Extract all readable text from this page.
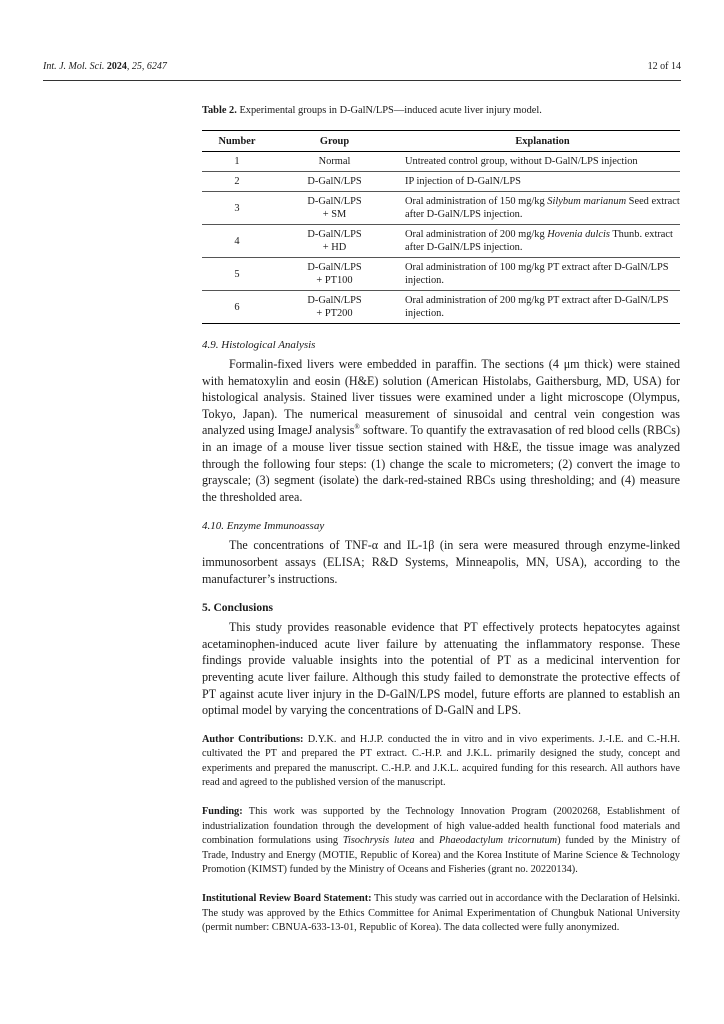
Int. J. Mol. Sci. 2024, 25, 6247	12 of 14

Table 2. Experimental groups in D-GalN/LPS—induced acute liver injury model.

Number	Group	Explanation
1	Normal	Untreated control group, without D-GalN/LPS injection
2	D-GalN/LPS	IP injection of D-GalN/LPS
3	D-GalN/LPS
+ SM	Oral administration of 150 mg/kg Silybum marianum Seed extract after D-GalN/LPS injection.
4	D-GalN/LPS
+ HD	Oral administration of 200 mg/kg Hovenia dulcis Thunb. extract after D-GalN/LPS injection.
5	D-GalN/LPS
+ PT100	Oral administration of 100 mg/kg PT extract after D-GalN/LPS injection.
6	D-GalN/LPS
+ PT200	Oral administration of 200 mg/kg PT extract after D-GalN/LPS injection.
4.9. Histological Analysis

Formalin-fixed livers were embedded in paraffin. The sections (4 μm thick) were stained with hematoxylin and eosin (H&E) solution (American Histolabs, Gaithersburg, MD, USA) for histological analysis. Stained liver tissues were examined under a light microscope (Olympus, Tokyo, Japan). The numerical measurement of sinusoidal and central vein congestion was analyzed using ImageJ analysis® software. To quantify the extravasation of red blood cells (RBCs) in an image of a mouse liver tissue section stained with H&E, the tissue image was analyzed through the following four steps: (1) change the scale to micrometers; (2) convert the image to grayscale; (3) segment (isolate) the dark-red-stained RBCs using thresholding; and (4) measure the thresholded area.

4.10. Enzyme Immunoassay

The concentrations of TNF-α and IL-1β (in sera were measured through enzyme-linked immunosorbent assays (ELISA; R&D Systems, Minneapolis, MN, USA), according to the manufacturer’s instructions.

5. Conclusions

This study provides reasonable evidence that PT effectively protects hepatocytes against acetaminophen-induced acute liver failure by attenuating the inflammatory response. These findings provide valuable insights into the potential of PT as a medicinal intervention for preventing acute liver failure. Although this study failed to demonstrate the protective effects of PT against acute liver injury in the D-GalN/LPS model, future efforts are planned to establish an optimal model by varying the concentrations of D-GalN and LPS.

Author Contributions: D.Y.K. and H.J.P. conducted the in vitro and in vivo experiments. J.-I.E. and C.-H.H. cultivated the PT and prepared the PT extract. C.-H.P. and J.K.L. primarily designed the study, concept and experiments and prepared the manuscript. C.-H.P. and J.K.L. acquired funding for this research. All authors have read and agreed to the published version of the manuscript.

Funding: This work was supported by the Technology Innovation Program (20020268, Establishment of industrialization foundation through the development of high value-added health functional food materials and combination formulations using Tisochrysis lutea and Phaeodactylum tricornutum) funded by the Ministry of Trade, Industry and Energy (MOTIE, Republic of Korea) and the Korea Institute of Marine Science & Technology Promotion (KIMST) funded by the Ministry of Oceans and Fisheries (grant no. 20220134).

Institutional Review Board Statement: This study was carried out in accordance with the Declaration of Helsinki. The study was approved by the Ethics Committee for Animal Experimentation of Chungbuk National University (permit number: CBNUA-633-13-01, Republic of Korea). The data collected were fully anonymized.
